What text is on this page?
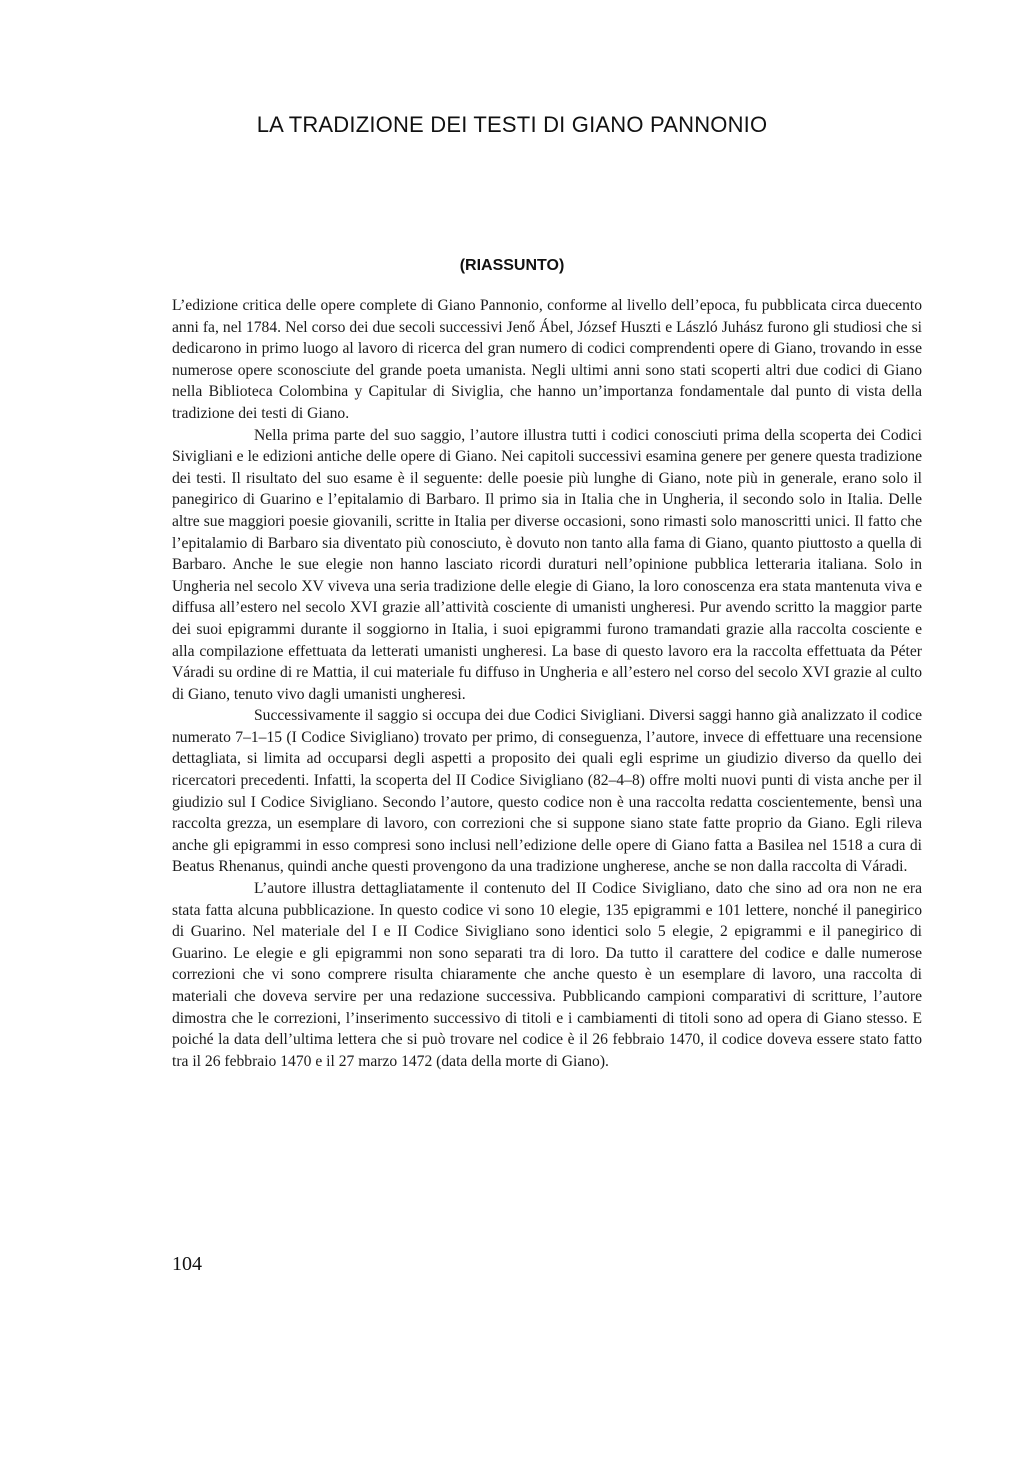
LA TRADIZIONE DEI TESTI DI GIANO PANNONIO
(RIASSUNTO)

L’edizione critica delle opere complete di Giano Pannonio, conforme al livello dell’epoca, fu pubblicata circa duecento anni fa, nel 1784. Nel corso dei due secoli successivi Jenő Ábel, József Huszti e László Juhász furono gli studiosi che si dedicarono in primo luogo al lavoro di ricerca del gran numero di codici comprendenti opere di Giano, trovando in esse numerose opere sconosciute del grande poeta umanista. Negli ultimi anni sono stati scoperti altri due codici di Giano nella Biblioteca Colombina y Capitular di Siviglia, che hanno un’importanza fondamentale dal punto di vista della tradizione dei testi di Giano.

Nella prima parte del suo saggio, l’autore illustra tutti i codici conosciuti prima della scoperta dei Codici Sivigliani e le edizioni antiche delle opere di Giano. Nei capitoli successivi esamina genere per genere questa tradizione dei testi. Il risultato del suo esame è il seguente: delle poesie più lunghe di Giano, note più in generale, erano solo il panegirico di Guarino e l’epitalamio di Barbaro. Il primo sia in Italia che in Ungheria, il secondo solo in Italia. Delle altre sue maggiori poesie giovanili, scritte in Italia per diverse occasioni, sono rimasti solo manoscritti unici. Il fatto che l’epitalamio di Barbaro sia diventato più conosciuto, è dovuto non tanto alla fama di Giano, quanto piuttosto a quella di Barbaro. Anche le sue elegie non hanno lasciato ricordi duraturi nell’opinione pubblica letteraria italiana. Solo in Ungheria nel secolo XV viveva una seria tradizione delle elegie di Giano, la loro conoscenza era stata mantenuta viva e diffusa all’estero nel secolo XVI grazie all’attività cosciente di umanisti ungheresi. Pur avendo scritto la maggior parte dei suoi epigrammi durante il soggiorno in Italia, i suoi epigrammi furono tramandati grazie alla raccolta cosciente e alla compilazione effettuata da letterati umanisti ungheresi. La base di questo lavoro era la raccolta effettuata da Péter Váradi su ordine di re Mattia, il cui materiale fu diffuso in Ungheria e all’estero nel corso del secolo XVI grazie al culto di Giano, tenuto vivo dagli umanisti ungheresi.

Successivamente il saggio si occupa dei due Codici Sivigliani. Diversi saggi hanno già analizzato il codice numerato 7–1–15 (I Codice Sivigliano) trovato per primo, di conseguenza, l’autore, invece di effettuare una recensione dettagliata, si limita ad occuparsi degli aspetti a proposito dei quali egli esprime un giudizio diverso da quello dei ricercatori precedenti. Infatti, la scoperta del II Codice Sivigliano (82–4–8) offre molti nuovi punti di vista anche per il giudizio sul I Codice Sivigliano. Secondo l’autore, questo codice non è una raccolta redatta coscientemente, bensì una raccolta grezza, un esemplare di lavoro, con correzioni che si suppone siano state fatte proprio da Giano. Egli rileva anche gli epigrammi in esso compresi sono inclusi nell’edizione delle opere di Giano fatta a Basilea nel 1518 a cura di Beatus Rhenanus, quindi anche questi provengono da una tradizione ungherese, anche se non dalla raccolta di Váradi.

L’autore illustra dettagliatamente il contenuto del II Codice Sivigliano, dato che sino ad ora non ne era stata fatta alcuna pubblicazione. In questo codice vi sono 10 elegie, 135 epigrammi e 101 lettere, nonché il panegirico di Guarino. Nel materiale del I e II Codice Sivigliano sono identici solo 5 elegie, 2 epigrammi e il panegirico di Guarino. Le elegie e gli epigrammi non sono separati tra di loro. Da tutto il carattere del codice e dalle numerose correzioni che vi sono comprere risulta chiaramente che anche questo è un esemplare di lavoro, una raccolta di materiali che doveva servire per una redazione successiva. Pubblicando campioni comparativi di scritture, l’autore dimostra che le correzioni, l’inserimento successivo di titoli e i cambiamenti di titoli sono ad opera di Giano stesso. E poiché la data dell’ultima lettera che si può trovare nel codice è il 26 febbraio 1470, il codice doveva essere stato fatto tra il 26 febbraio 1470 e il 27 marzo 1472 (data della morte di Giano).

104
